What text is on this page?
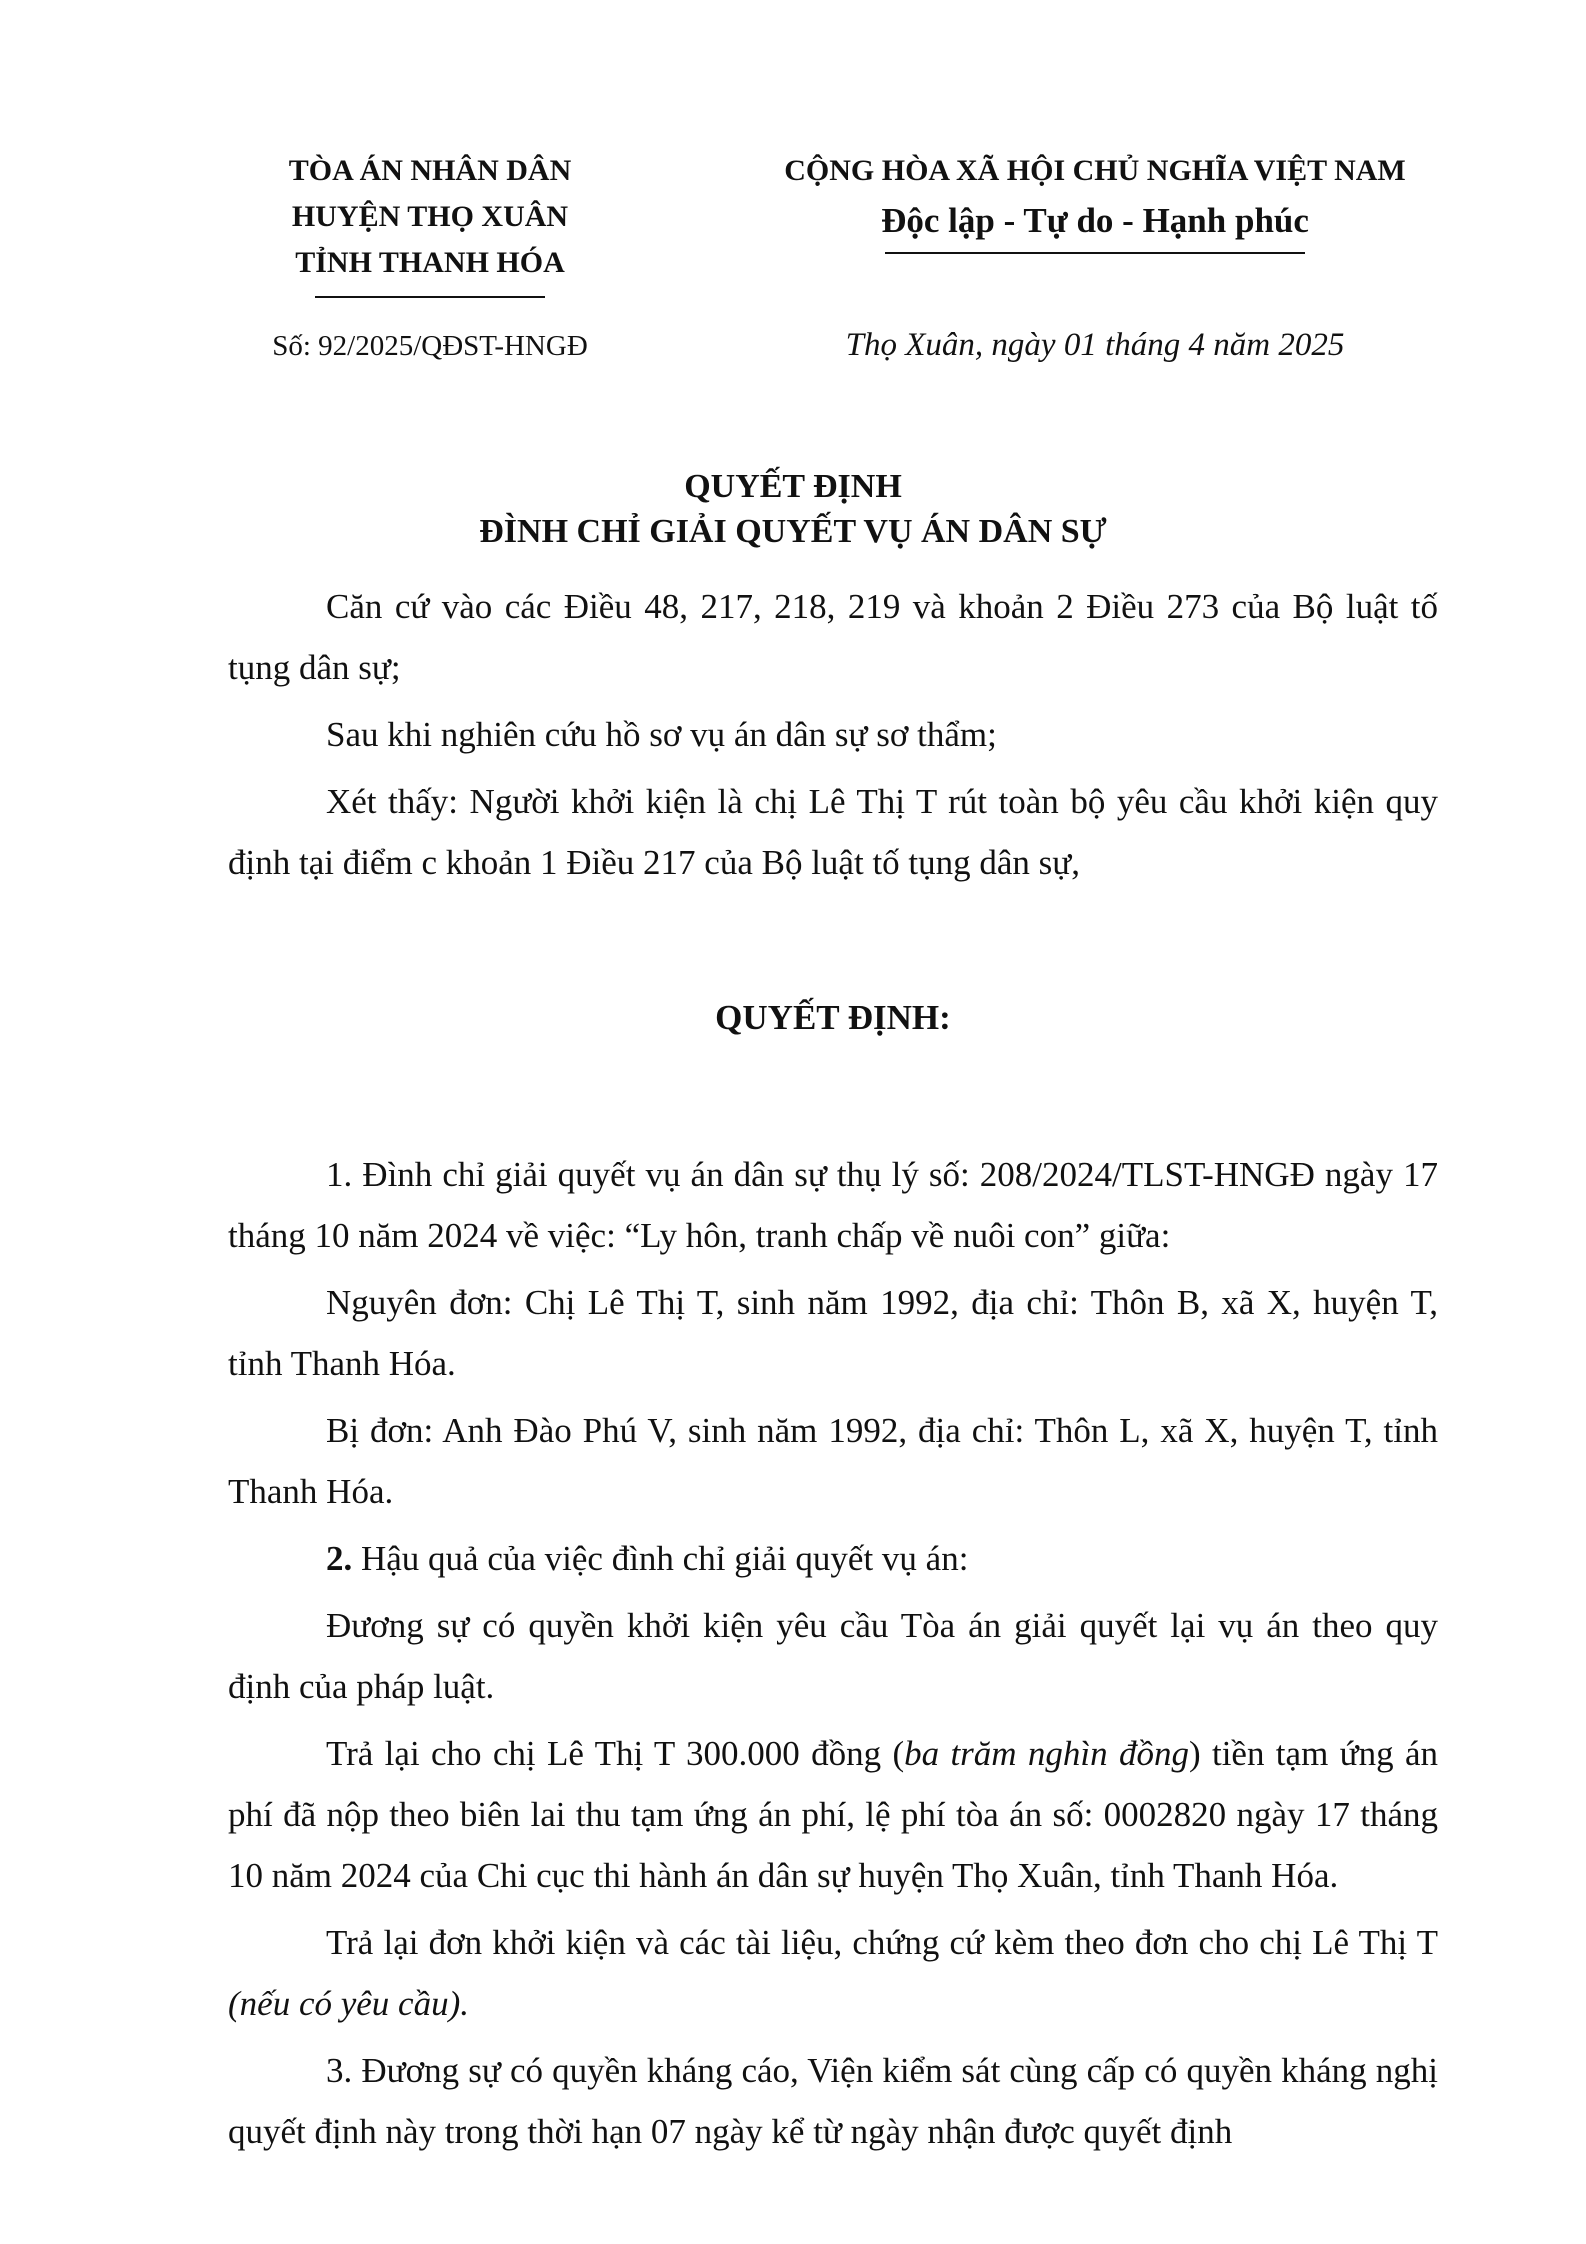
TÒA ÁN NHÂN DÂN
HUYỆN THỌ XUÂN
TỈNH THANH HÓA
CỘNG HÒA XÃ HỘI CHỦ NGHĨA VIỆT NAM
Độc lập - Tự do - Hạnh phúc
Số: 92/2025/QĐST-HNGĐ	Thọ Xuân, ngày 01 tháng 4 năm 2025
QUYẾT ĐỊNH
ĐÌNH CHỈ GIẢI QUYẾT VỤ ÁN DÂN SỰ

Căn cứ vào các Điều 48, 217, 218, 219 và khoản 2 Điều 273 của Bộ luật tố tụng dân sự;

Sau khi nghiên cứu hồ sơ vụ án dân sự sơ thẩm;

Xét thấy: Người khởi kiện là chị Lê Thị T rút toàn bộ yêu cầu khởi kiện quy định tại điểm c khoản 1 Điều 217 của Bộ luật tố tụng dân sự,

QUYẾT ĐỊNH:

1. Đình chỉ giải quyết vụ án dân sự thụ lý số: 208/2024/TLST-HNGĐ ngày 17 tháng 10 năm 2024 về việc: “Ly hôn, tranh chấp về nuôi con” giữa:

Nguyên đơn: Chị Lê Thị T, sinh năm 1992, địa chỉ: Thôn B, xã X, huyện T, tỉnh Thanh Hóa.

Bị đơn: Anh Đào Phú V, sinh năm 1992, địa chỉ: Thôn L, xã X, huyện T, tỉnh Thanh Hóa.

2. Hậu quả của việc đình chỉ giải quyết vụ án:

Đương sự có quyền khởi kiện yêu cầu Tòa án giải quyết lại vụ án theo quy định của pháp luật.

Trả lại cho chị Lê Thị T 300.000 đồng (ba trăm nghìn đồng) tiền tạm ứng án phí đã nộp theo biên lai thu tạm ứng án phí, lệ phí tòa án số: 0002820 ngày 17 tháng 10 năm 2024 của Chi cục thi hành án dân sự huyện Thọ Xuân, tỉnh Thanh Hóa.

Trả lại đơn khởi kiện và các tài liệu, chứng cứ kèm theo đơn cho chị Lê Thị T (nếu có yêu cầu).

3. Đương sự có quyền kháng cáo, Viện kiểm sát cùng cấp có quyền kháng nghị quyết định này trong thời hạn 07 ngày kể từ ngày nhận được quyết định
